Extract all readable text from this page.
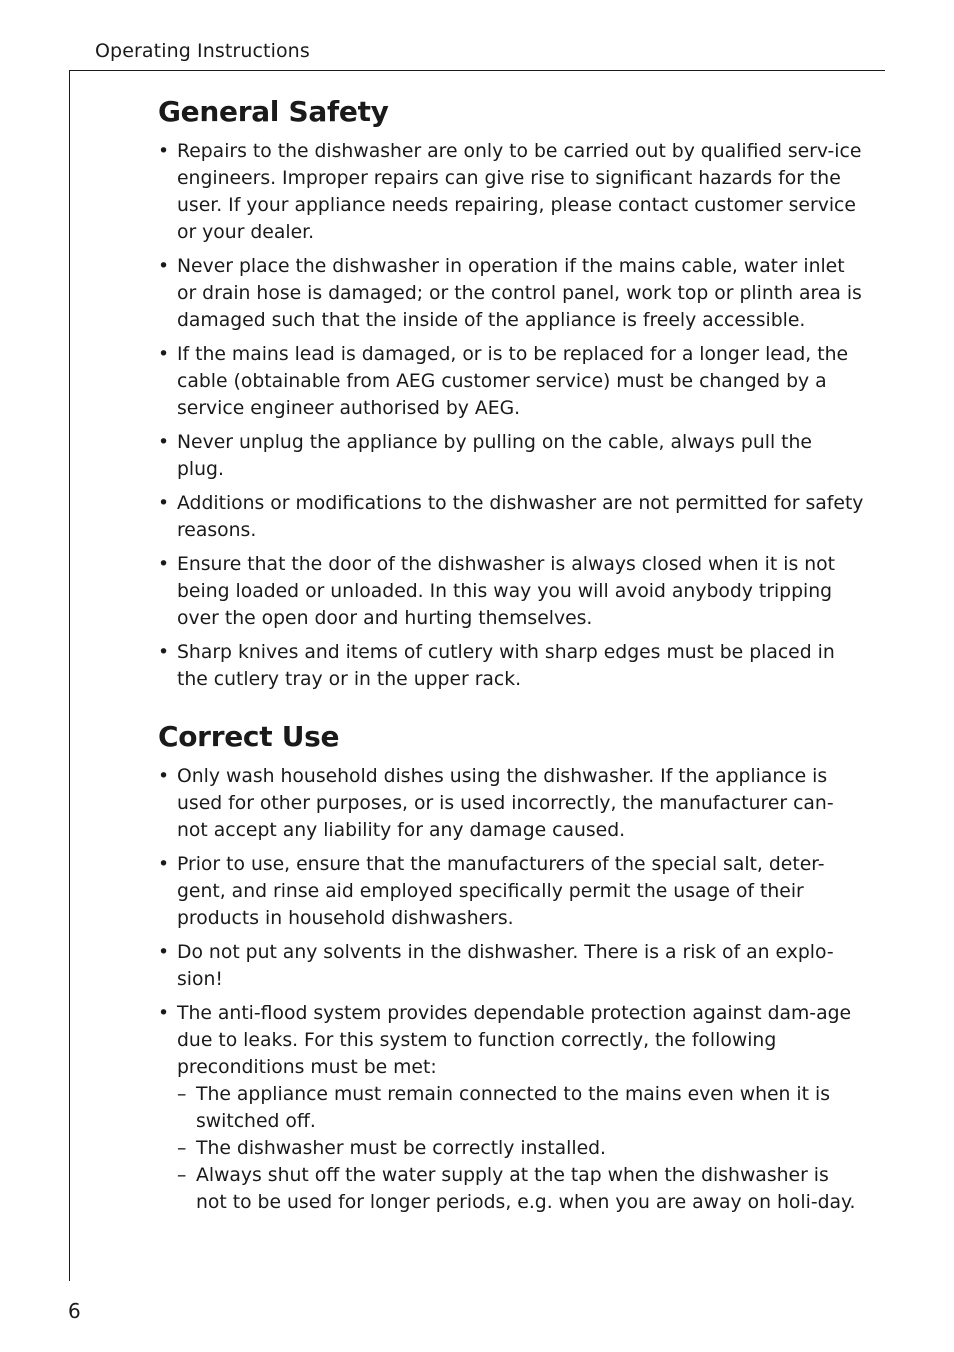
Operating Instructions
General Safety
• Repairs to the dishwasher are only to be carried out by qualified serv-ice engineers. Improper repairs can give rise to significant hazards for the user. If your appliance needs repairing, please contact customer service or your dealer.
• Never place the dishwasher in operation if the mains cable, water inlet or drain hose is damaged; or the control panel, work top or plinth area is damaged such that the inside of the appliance is freely accessible.
• If the mains lead is damaged, or is to be replaced for a longer lead, the cable (obtainable from AEG customer service) must be changed by a service engineer authorised by AEG.
• Never unplug the appliance by pulling on the cable, always pull the plug.
• Additions or modifications to the dishwasher are not permitted for safety reasons.
• Ensure that the door of the dishwasher is always closed when it is not being loaded or unloaded. In this way you will avoid anybody tripping over the open door and hurting themselves.
• Sharp knives and items of cutlery with sharp edges must be placed in the cutlery tray or in the upper rack.
Correct Use
• Only wash household dishes using the dishwasher. If the appliance is used for other purposes, or is used incorrectly, the manufacturer can-not accept any liability for any damage caused.
• Prior to use, ensure that the manufacturers of the special salt, deter-gent, and rinse aid employed specifically permit the usage of their products in household dishwashers.
• Do not put any solvents in the dishwasher. There is a risk of an explo-sion!
• The anti-flood system provides dependable protection against dam-age due to leaks. For this system to function correctly, the following preconditions must be met:
– The appliance must remain connected to the mains even when it is switched off.
– The dishwasher must be correctly installed.
– Always shut off the water supply at the tap when the dishwasher is not to be used for longer periods, e.g. when you are away on holi-day.
6
